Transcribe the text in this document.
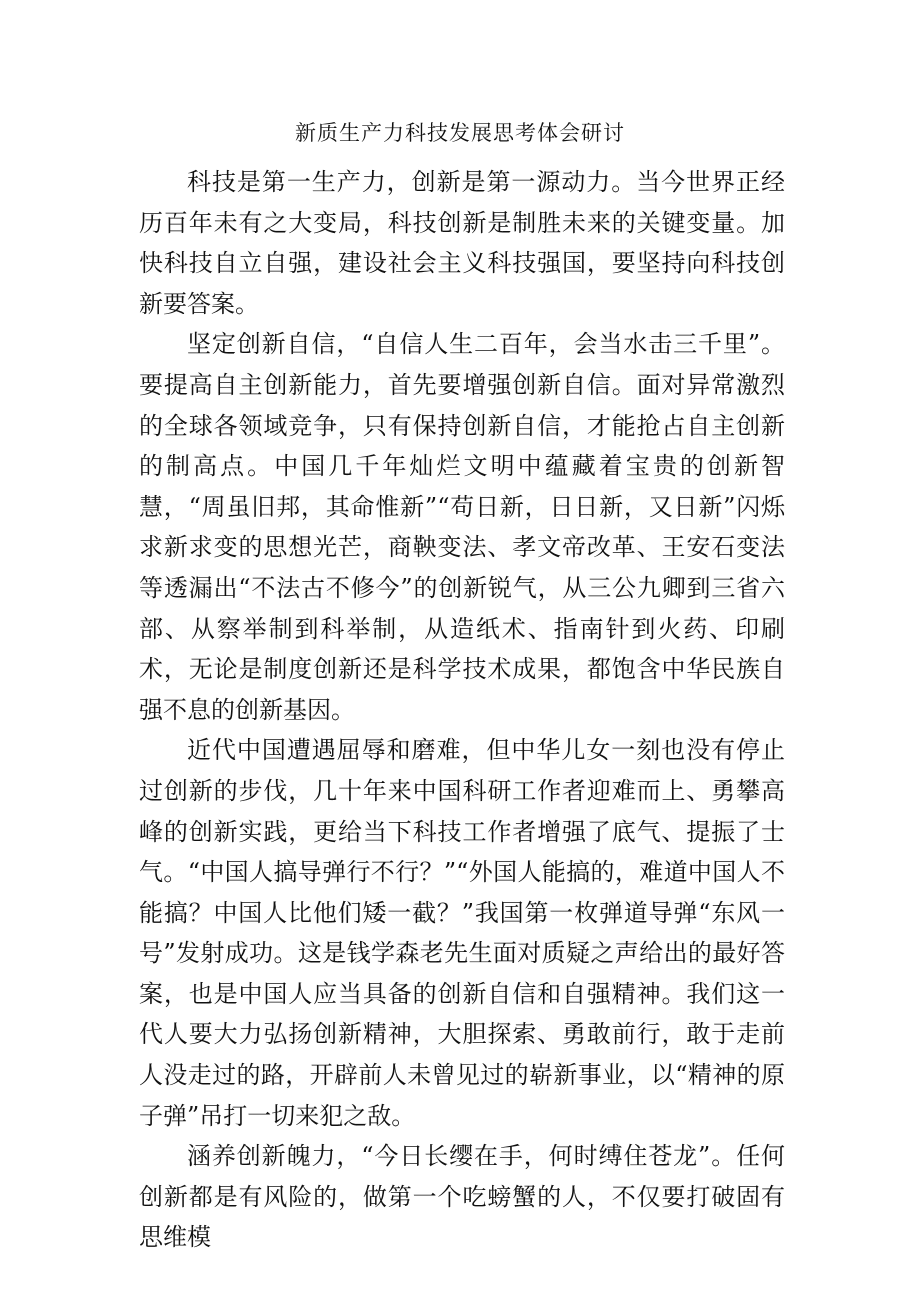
新质生产力科技发展思考体会研讨

科技是第一生产力，创新是第一源动力。当今世界正经历百年未有之大变局，科技创新是制胜未来的关键变量。加快科技自立自强，建设社会主义科技强国，要坚持向科技创新要答案。

坚定创新自信，“自信人生二百年，会当水击三千里”。要提高自主创新能力，首先要增强创新自信。面对异常激烈的全球各领域竞争，只有保持创新自信，才能抢占自主创新的制高点。中国几千年灿烂文明中蕴藏着宝贵的创新智慧，“周虽旧邦，其命惟新”“苟日新，日日新，又日新”闪烁求新求变的思想光芒，商鞅变法、孝文帝改革、王安石变法等透漏出“不法古不修今”的创新锐气，从三公九卿到三省六部、从察举制到科举制，从造纸术、指南针到火药、印刷术，无论是制度创新还是科学技术成果，都饱含中华民族自强不息的创新基因。

近代中国遭遇屈辱和磨难，但中华儿女一刻也没有停止过创新的步伐，几十年来中国科研工作者迎难而上、勇攀高峰的创新实践，更给当下科技工作者增强了底气、提振了士气。“中国人搞导弹行不行？”“外国人能搞的，难道中国人不能搞？中国人比他们矮一截？”我国第一枚弹道导弹“东风一号”发射成功。这是钱学森老先生面对质疑之声给出的最好答案，也是中国人应当具备的创新自信和自强精神。我们这一代人要大力弘扬创新精神，大胆探索、勇敢前行，敢于走前人没走过的路，开辟前人未曾见过的崭新事业，以“精神的原子弹”吊打一切来犯之敌。

涵养创新魄力，“今日长缨在手，何时缚住苍龙”。任何创新都是有风险的，做第一个吃螃蟹的人，不仅要打破固有思维模
